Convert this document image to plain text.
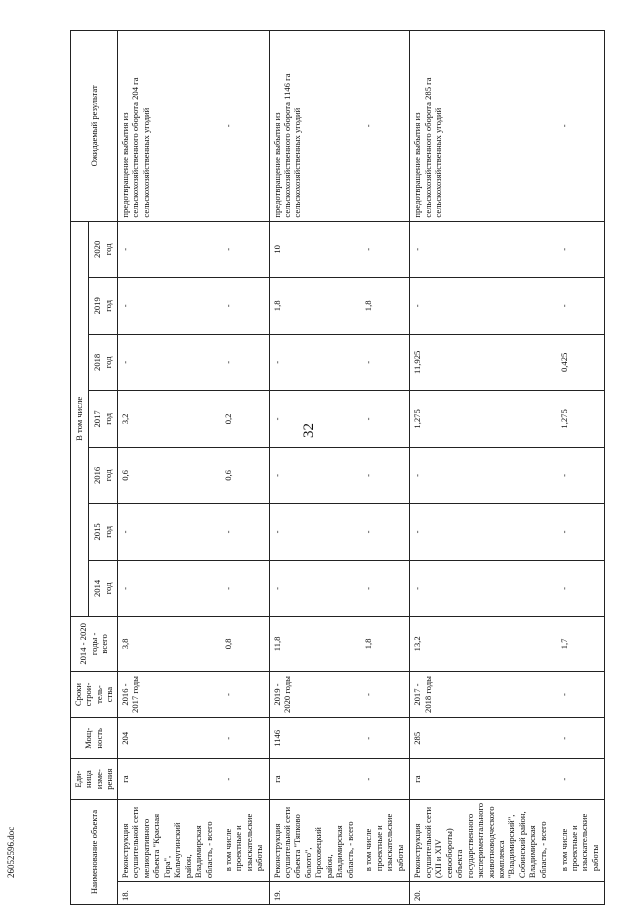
32
26052596.doc	Наименование объекта		Еди-
ница
изме-
рения	Мощ-
ность	Сроки
строи-
тель-
ства	2014 - 2020
годы -
всего	В том числе							Ожидаемый результат
						2014
год	2015
год	2016
год	2017
год	2018
год	2019
год	2020
год	
18.	Реконструкция осушительной сети мелиоративного объекта "Красная Гора", Кольчугинский район, Владимирская область, - всего	га	204	2016 - 2017 годы	3,8	-	-	0,6	3,2	-	-	-	предотвращение выбытия из сельскохозяйственного оборота 204 га сельскохозяйственных угодий
	в том числе проектные и изыскательские работы	-	-	-	0,8	-	-	0,6	0,2	-	-	-	-
19.	Реконструкция осушительной сети объекта "Тяпково болото", Гороховецкий район, Владимирская область, - всего	га	1146	2019 - 2020 годы	11,8	-	-	-	-	-	1,8	10	предотвращение выбытия из сельскохозяйственного оборота 1146 га сельскохозяйственных угодий
	в том числе проектные и изыскательские работы	-	-	-	1,8	-	-	-	-	-	1,8	-	-
20.	Реконструкция осушительной сети (XII и XIV севообороты) объекта государственного экспериментального животноводческого комплекса "Владимирский", Собинский район, Владимирская область, - всего	га	285	2017 - 2018 годы	13,2	-	-	-	1,275	11,925	-	-	предотвращение выбытия из сельскохозяйственного оборота 285 га сельскохозяйственных угодий
	в том числе проектные и изыскательские работы	-	-	-	1,7	-	-	-	1,275	0,425	-	-	-
